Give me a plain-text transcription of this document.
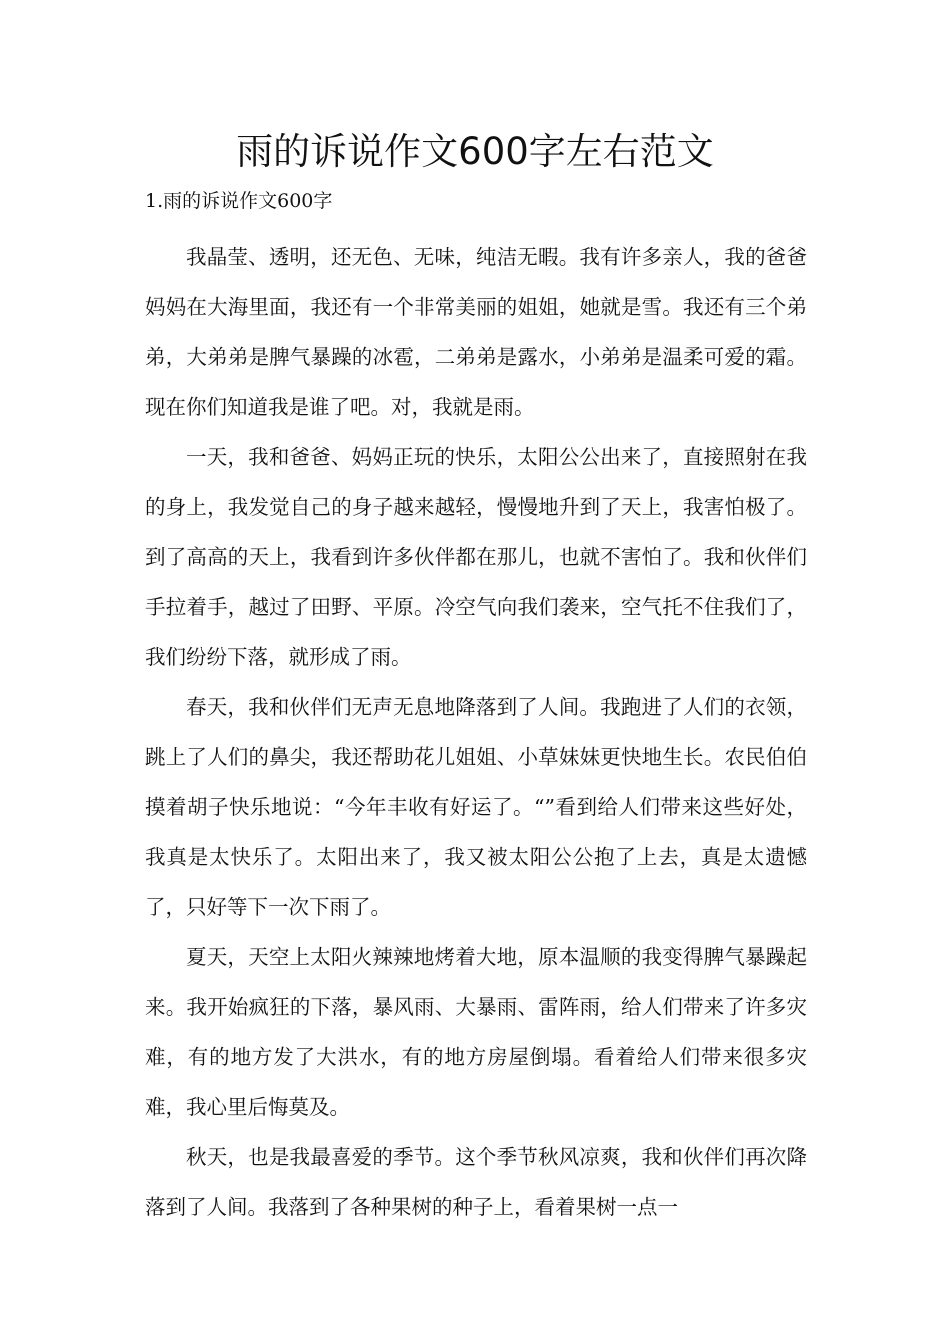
雨的诉说作文600字左右范文
1.雨的诉说作文600字

我晶莹、透明，还无色、无味，纯洁无暇。我有许多亲人，我的爸爸妈妈在大海里面，我还有一个非常美丽的姐姐，她就是雪。我还有三个弟弟，大弟弟是脾气暴躁的冰雹，二弟弟是露水，小弟弟是温柔可爱的霜。现在你们知道我是谁了吧。对，我就是雨。

一天，我和爸爸、妈妈正玩的快乐，太阳公公出来了，直接照射在我的身上，我发觉自己的身子越来越轻，慢慢地升到了天上，我害怕极了。到了高高的天上，我看到许多伙伴都在那儿，也就不害怕了。我和伙伴们手拉着手，越过了田野、平原。冷空气向我们袭来，空气托不住我们了，我们纷纷下落，就形成了雨。

春天，我和伙伴们无声无息地降落到了人间。我跑进了人们的衣领，跳上了人们的鼻尖，我还帮助花儿姐姐、小草妹妹更快地生长。农民伯伯摸着胡子快乐地说：“今年丰收有好运了。“”看到给人们带来这些好处，我真是太快乐了。太阳出来了，我又被太阳公公抱了上去，真是太遗憾了，只好等下一次下雨了。

夏天，天空上太阳火辣辣地烤着大地，原本温顺的我变得脾气暴躁起来。我开始疯狂的下落，暴风雨、大暴雨、雷阵雨，给人们带来了许多灾难，有的地方发了大洪水，有的地方房屋倒塌。看着给人们带来很多灾难，我心里后悔莫及。

秋天，也是我最喜爱的季节。这个季节秋风凉爽，我和伙伴们再次降落到了人间。我落到了各种果树的种子上，看着果树一点一
